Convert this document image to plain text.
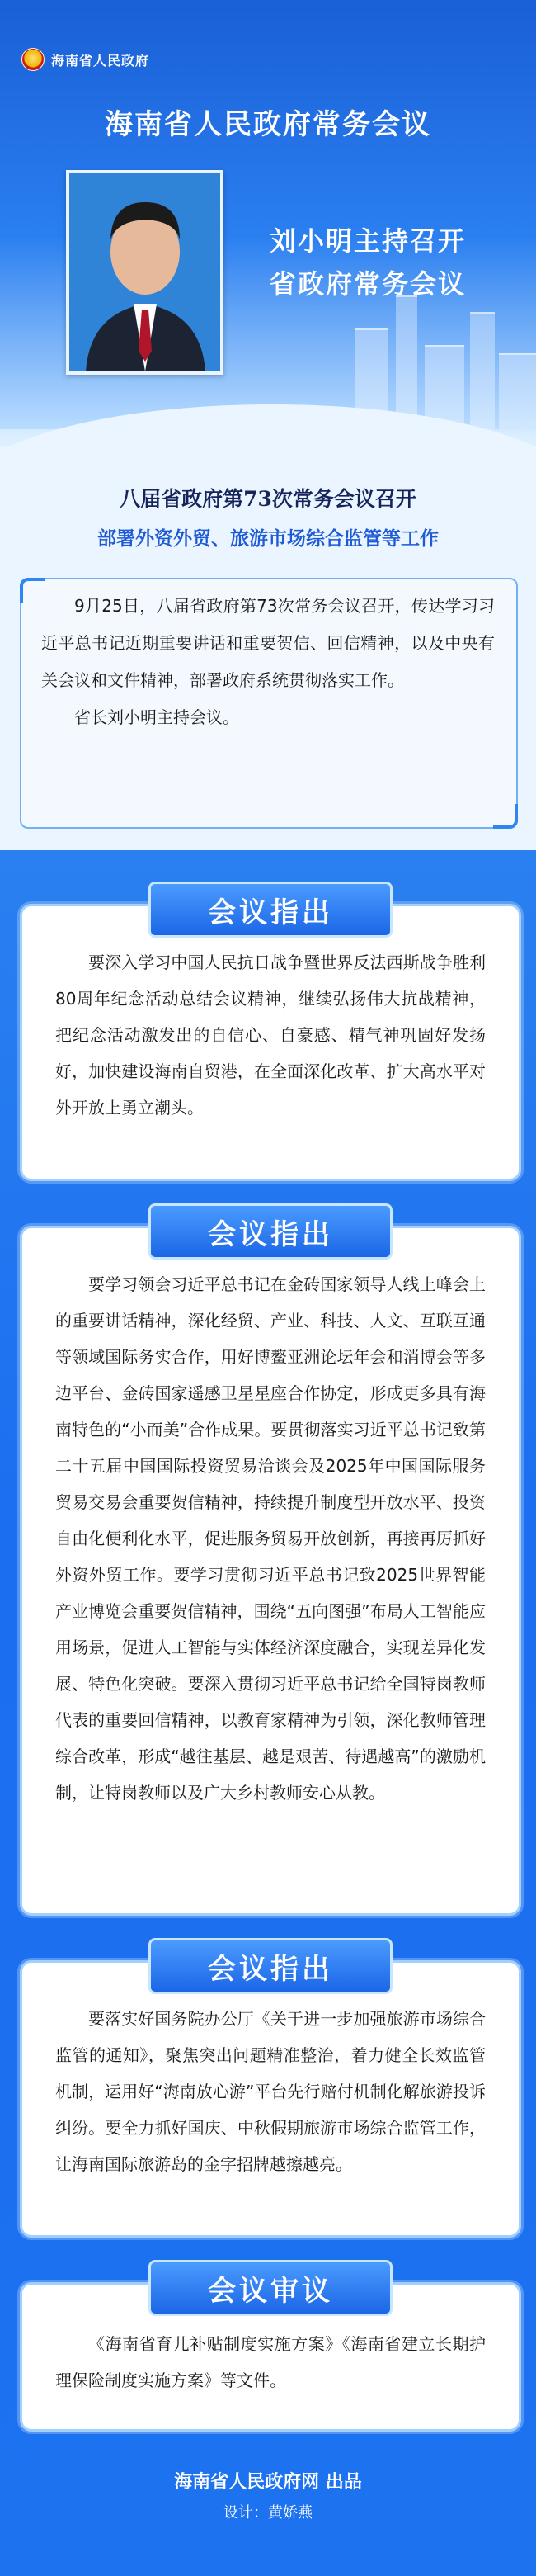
海南省人民政府
海南省人民政府常务会议
刘小明主持召开
省政府常务会议
八届省政府第73次常务会议召开
部署外资外贸、旅游市场综合监管等工作

9月25日，八届省政府第73次常务会议召开，传达学习习近平总书记近期重要讲话和重要贺信、回信精神，以及中央有关会议和文件精神，部署政府系统贯彻落实工作。

省长刘小明主持会议。

会议指出

要深入学习中国人民抗日战争暨世界反法西斯战争胜利80周年纪念活动总结会议精神，继续弘扬伟大抗战精神，把纪念活动激发出的自信心、自豪感、精气神巩固好发扬好，加快建设海南自贸港，在全面深化改革、扩大高水平对外开放上勇立潮头。

会议指出

要学习领会习近平总书记在金砖国家领导人线上峰会上的重要讲话精神，深化经贸、产业、科技、人文、互联互通等领域国际务实合作，用好博鳌亚洲论坛年会和消博会等多边平台、金砖国家遥感卫星星座合作协定，形成更多具有海南特色的“小而美”合作成果。要贯彻落实习近平总书记致第二十五届中国国际投资贸易洽谈会及2025年中国国际服务贸易交易会重要贺信精神，持续提升制度型开放水平、投资自由化便利化水平，促进服务贸易开放创新，再接再厉抓好外资外贸工作。要学习贯彻习近平总书记致2025世界智能产业博览会重要贺信精神，围绕“五向图强”布局人工智能应用场景，促进人工智能与实体经济深度融合，实现差异化发展、特色化突破。要深入贯彻习近平总书记给全国特岗教师代表的重要回信精神，以教育家精神为引领，深化教师管理综合改革，形成“越往基层、越是艰苦、待遇越高”的激励机制，让特岗教师以及广大乡村教师安心从教。

会议指出

要落实好国务院办公厅《关于进一步加强旅游市场综合监管的通知》，聚焦突出问题精准整治，着力健全长效监管机制，运用好“海南放心游”平台先行赔付机制化解旅游投诉纠纷。要全力抓好国庆、中秋假期旅游市场综合监管工作，让海南国际旅游岛的金字招牌越擦越亮。

会议审议

《海南省育儿补贴制度实施方案》《海南省建立长期护理保险制度实施方案》等文件。

海南省人民政府网 出品
设计：黄娇燕
